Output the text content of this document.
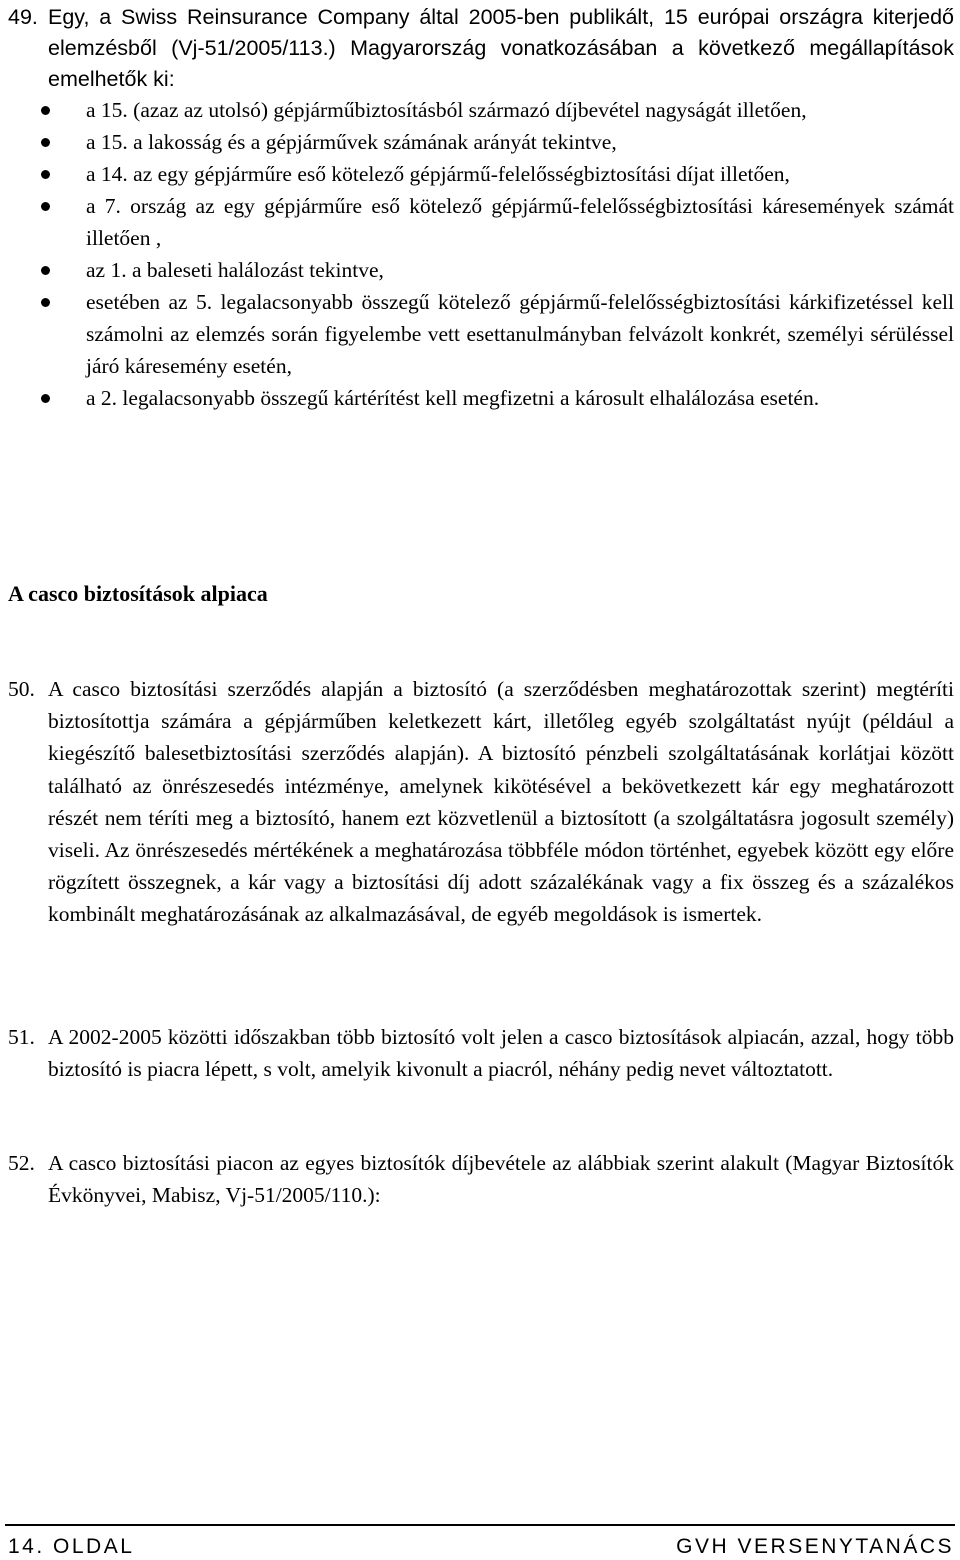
49. Egy, a Swiss Reinsurance Company által 2005-ben publikált, 15 európai országra kiterjedő elemzésből (Vj-51/2005/113.) Magyarország vonatkozásában a következő megállapítások emelhetők ki:
a 15. (azaz az utolsó) gépjárműbiztosításból származó díjbevétel nagyságát illetően,
a 15. a lakosság és a gépjárművek számának arányát tekintve,
a 14. az egy gépjárműre eső kötelező gépjármű-felelősségbiztosítási díjat illetően,
a 7. ország az egy gépjárműre eső kötelező gépjármű-felelősségbiztosítási káresemények számát illetően ,
az 1. a baleseti halálozást tekintve,
esetében az 5. legalacsonyabb összegű kötelező gépjármű-felelősségbiztosítási kárkifizetéssel kell számolni az elemzés során figyelembe vett esettanulmányban felvázolt konkrét, személyi sérüléssel járó káresemény esetén,
a 2. legalacsonyabb összegű kártérítést kell megfizetni a károsult elhalálozása esetén.
A casco biztosítások alpiaca
50. A casco biztosítási szerződés alapján a biztosító (a szerződésben meghatározottak szerint) megtéríti biztosítottja számára a gépjárműben keletkezett kárt, illetőleg egyéb szolgáltatást nyújt (például a kiegészítő balesetbiztosítási szerződés alapján). A biztosító pénzbeli szolgáltatásának korlátjai között található az önrészesedés intézménye, amelynek kikötésével a bekövetkezett kár egy meghatározott részét nem téríti meg a biztosító, hanem ezt közvetlenül a biztosított (a szolgáltatásra jogosult személy) viseli. Az önrészesedés mértékének a meghatározása többféle módon történhet, egyebek között egy előre rögzített összegnek, a kár vagy a biztosítási díj adott százalékának vagy a fix összeg és a százalékos kombinált meghatározásának az alkalmazásával, de egyéb megoldások is ismertek.
51. A 2002-2005 közötti időszakban több biztosító volt jelen a casco biztosítások alpiacán, azzal, hogy több biztosító is piacra lépett, s volt, amelyik kivonult a piacról, néhány pedig nevet változtatott.
52. A casco biztosítási piacon az egyes biztosítók díjbevétele az alábbiak szerint alakult (Magyar Biztosítók Évkönyvei, Mabisz, Vj-51/2005/110.):
14. OLDAL	GVH VERSENYTANÁCS
